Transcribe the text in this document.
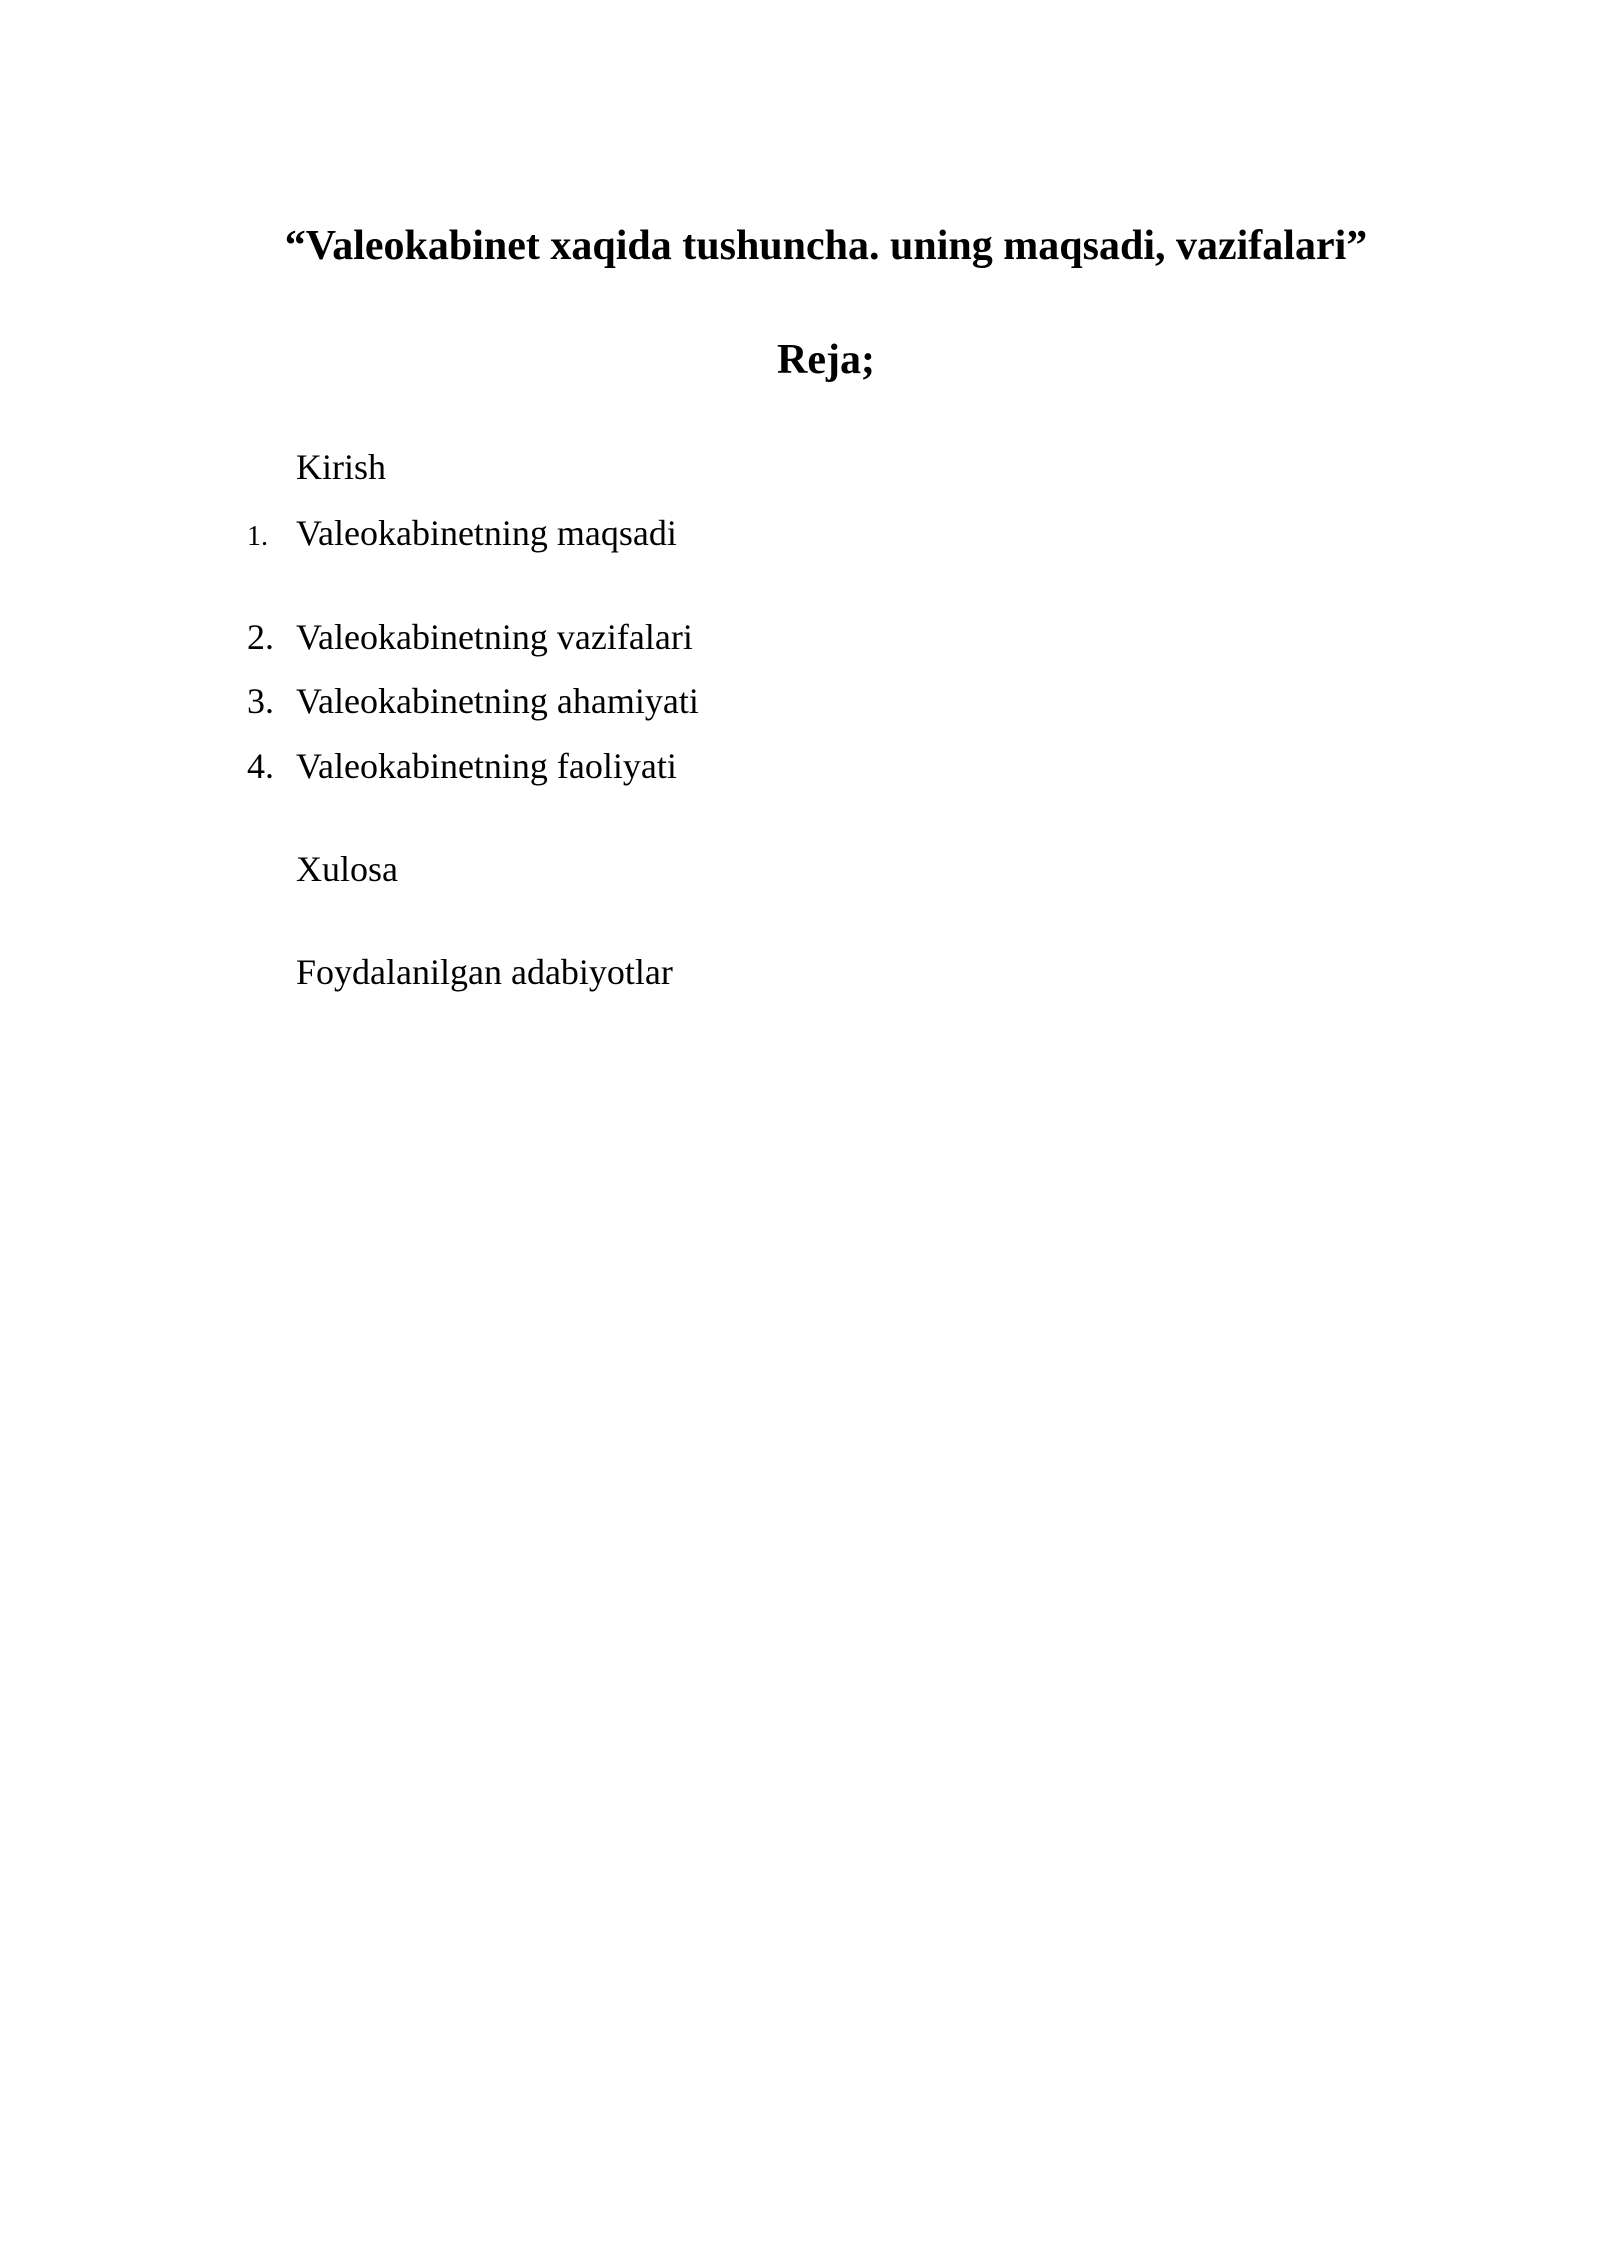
“Valeokabinet xaqida tushuncha. uning maqsadi, vazifalari”
Reja;
Kirish
1. Valeokabinetning maqsadi
2. Valeokabinetning vazifalari
3. Valeokabinetning ahamiyati
4. Valeokabinetning faoliyati
Xulosa
Foydalanilgan adabiyotlar
